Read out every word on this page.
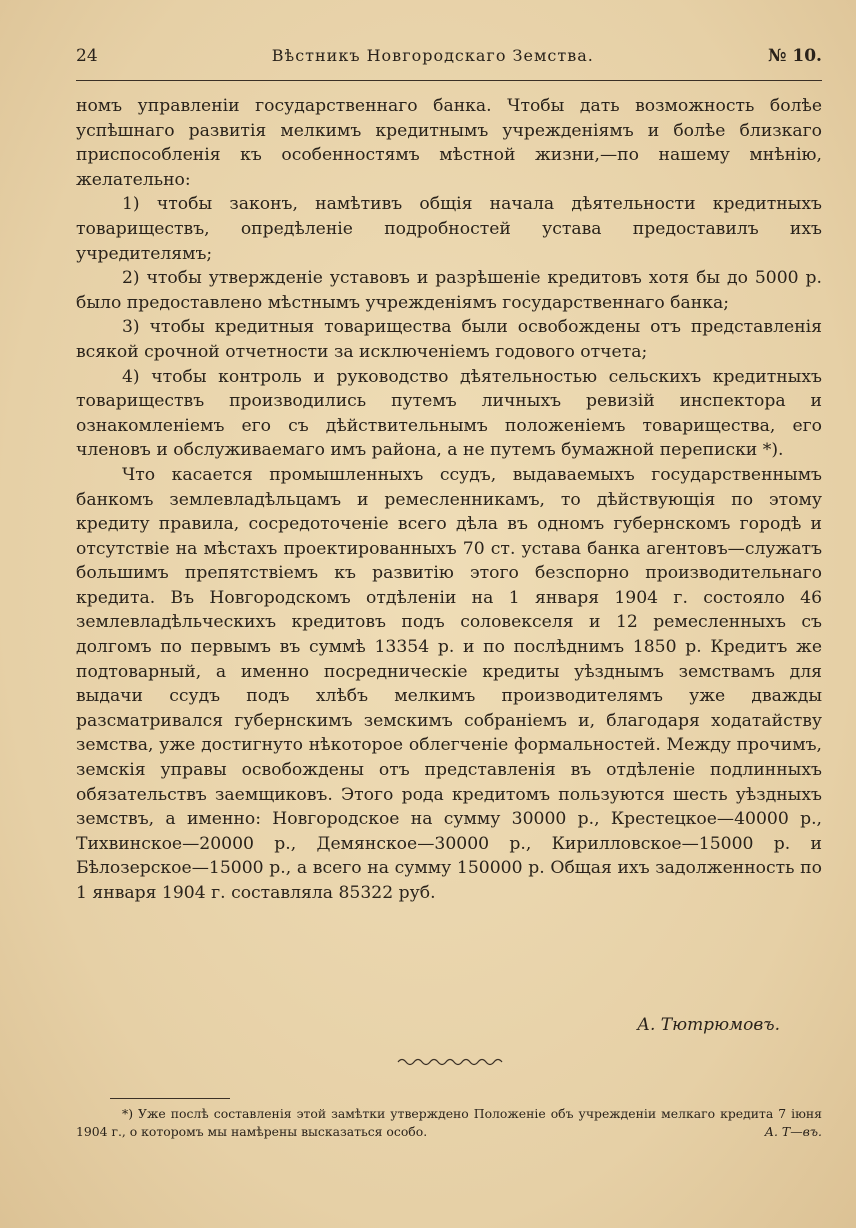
24	Вѣстникъ Новгородскаго Земства.	№ 10.

номъ управленіи государственнаго банка. Чтобы дать возможность болѣе успѣшнаго развитія мелкимъ кредитнымъ учрежденіямъ и болѣе близкаго приспособленія къ особенностямъ мѣстной жизни,—по нашему мнѣнію, желательно:

1) чтобы законъ, намѣтивъ общія начала дѣятельности кредитныхъ товариществъ, опредѣленіе подробностей устава предоставилъ ихъ учредителямъ;

2) чтобы утвержденіе уставовъ и разрѣшеніе кредитовъ хотя бы до 5000 р. было предоставлено мѣстнымъ учрежденіямъ государственнаго банка;

3) чтобы кредитныя товарищества были освобождены отъ представленія всякой срочной отчетности за исключеніемъ годового отчета;

4) чтобы контроль и руководство дѣятельностью сельскихъ кредитныхъ товариществъ производились путемъ личныхъ ревизій инспектора и ознакомленіемъ его съ дѣйствительнымъ положеніемъ товарищества, его членовъ и обслуживаемаго имъ района, а не путемъ бумажной переписки *).

Что касается промышленныхъ ссудъ, выдаваемыхъ государственнымъ банкомъ землевладѣльцамъ и ремесленникамъ, то дѣйствующія по этому кредиту правила, сосредоточеніе всего дѣла въ одномъ губернскомъ городѣ и отсутствіе на мѣстахъ проектированныхъ 70 ст. устава банка агентовъ—служатъ большимъ препятствіемъ къ развитію этого безспорно производительнаго кредита. Въ Новгородскомъ отдѣленіи на 1 января 1904 г. состояло 46 землевладѣльческихъ кредитовъ подъ соловекселя и 12 ремесленныхъ съ долгомъ по первымъ въ суммѣ 13354 р. и по послѣднимъ 1850 р. Кредитъ же подтоварный, а именно посредническіе кредиты уѣзднымъ земствамъ для выдачи ссудъ подъ хлѣбъ мелкимъ производителямъ уже дважды разсматривался губернскимъ земскимъ собраніемъ и, благодаря ходатайству земства, уже достигнуто нѣкоторое облегченіе формальностей. Между прочимъ, земскія управы освобождены отъ представленія въ отдѣленіе подлинныхъ обязательствъ заемщиковъ. Этого рода кредитомъ пользуются шесть уѣздныхъ земствъ, а именно: Новгородское на сумму 30000 р., Крестецкое—40000 р., Тихвинское—20000 р., Демянское—30000 р., Кирилловское—15000 р. и Бѣлозерское—15000 р., а всего на сумму 150000 р. Общая ихъ задолженность по 1 января 1904 г. составляла 85322 руб.

А. Тютрюмовъ.

*) Уже послѣ составленія этой замѣтки утверждено Положеніе объ учрежденіи мелкаго кредита 7 іюня 1904 г., о которомъ мы намѣрены высказаться особо.	А. Т—въ.
